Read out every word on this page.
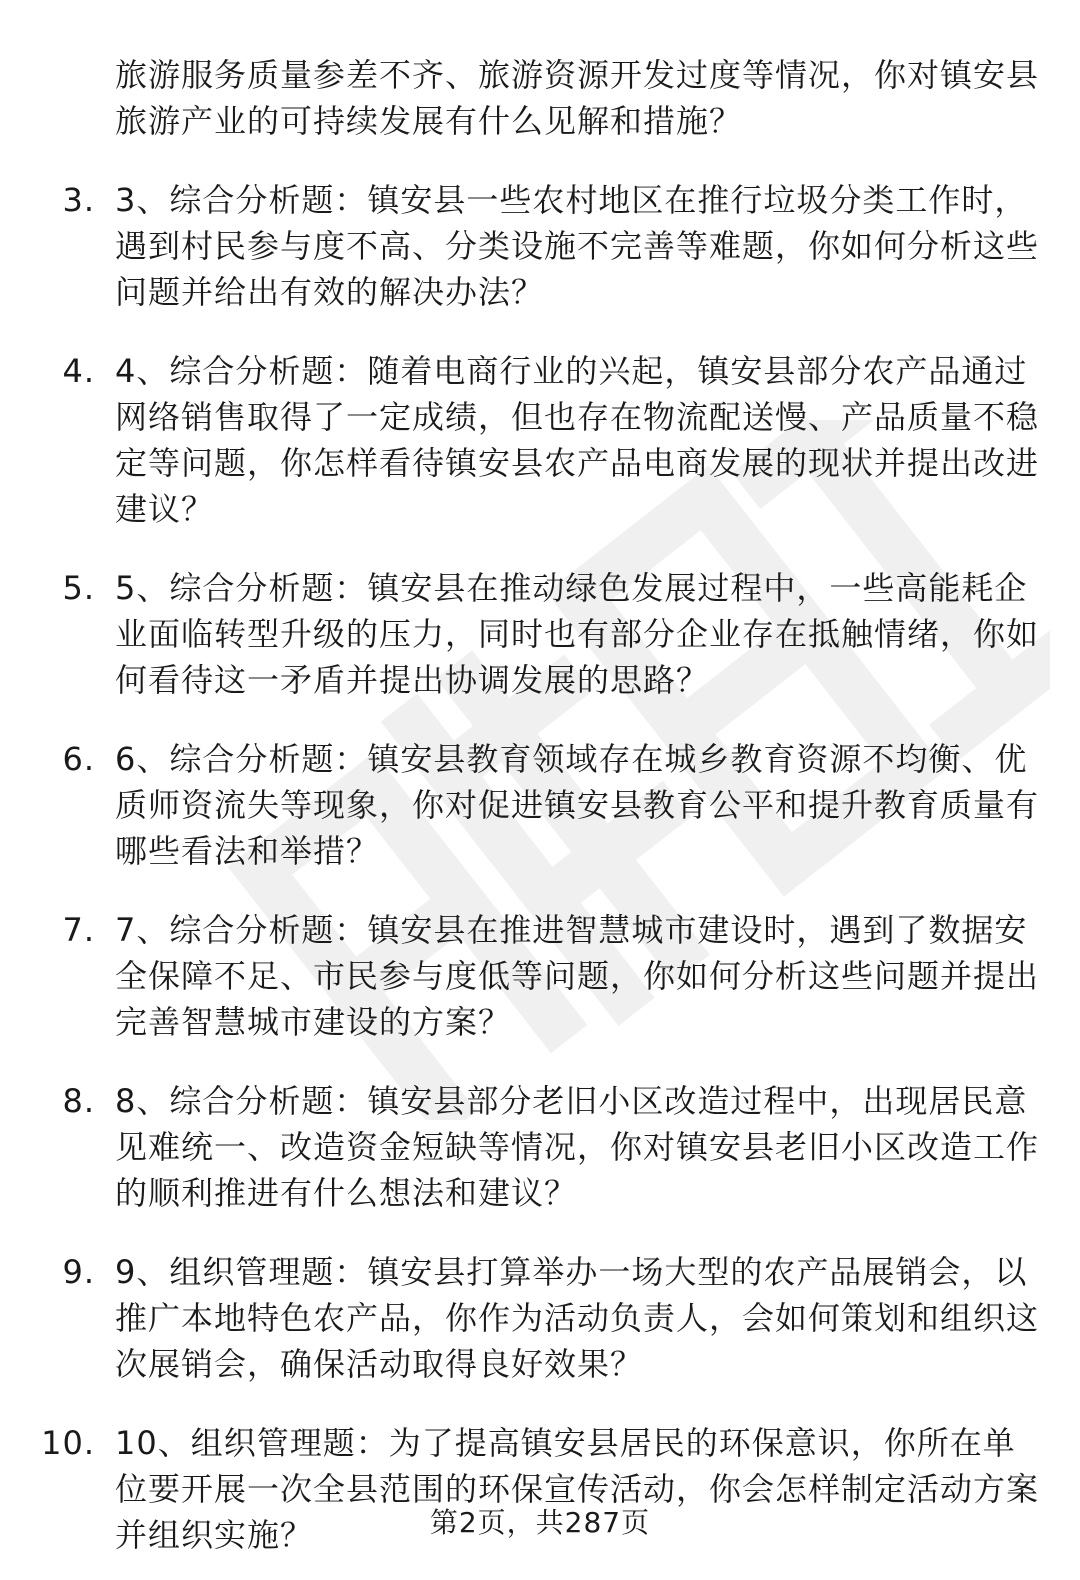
旅游服务质量参差不齐、旅游资源开发过度等情况，你对镇安县旅游产业的可持续发展有什么见解和措施？

3. 3、综合分析题：镇安县一些农村地区在推行垃圾分类工作时，遇到村民参与度不高、分类设施不完善等难题，你如何分析这些问题并给出有效的解决办法？
4. 4、综合分析题：随着电商行业的兴起，镇安县部分农产品通过网络销售取得了一定成绩，但也存在物流配送慢、产品质量不稳定等问题，你怎样看待镇安县农产品电商发展的现状并提出改进建议？
5. 5、综合分析题：镇安县在推动绿色发展过程中，一些高能耗企业面临转型升级的压力，同时也有部分企业存在抵触情绪，你如何看待这一矛盾并提出协调发展的思路？
6. 6、综合分析题：镇安县教育领域存在城乡教育资源不均衡、优质师资流失等现象，你对促进镇安县教育公平和提升教育质量有哪些看法和举措？
7. 7、综合分析题：镇安县在推进智慧城市建设时，遇到了数据安全保障不足、市民参与度低等问题，你如何分析这些问题并提出完善智慧城市建设的方案？
8. 8、综合分析题：镇安县部分老旧小区改造过程中，出现居民意见难统一、改造资金短缺等情况，你对镇安县老旧小区改造工作的顺利推进有什么想法和建议？
9. 9、组织管理题：镇安县打算举办一场大型的农产品展销会，以推广本地特色农产品，你作为活动负责人，会如何策划和组织这次展销会，确保活动取得良好效果？
10. 10、组织管理题：为了提高镇安县居民的环保意识，你所在单位要开展一次全县范围的环保宣传活动，你会怎样制定活动方案并组织实施？	第2页，共287页
